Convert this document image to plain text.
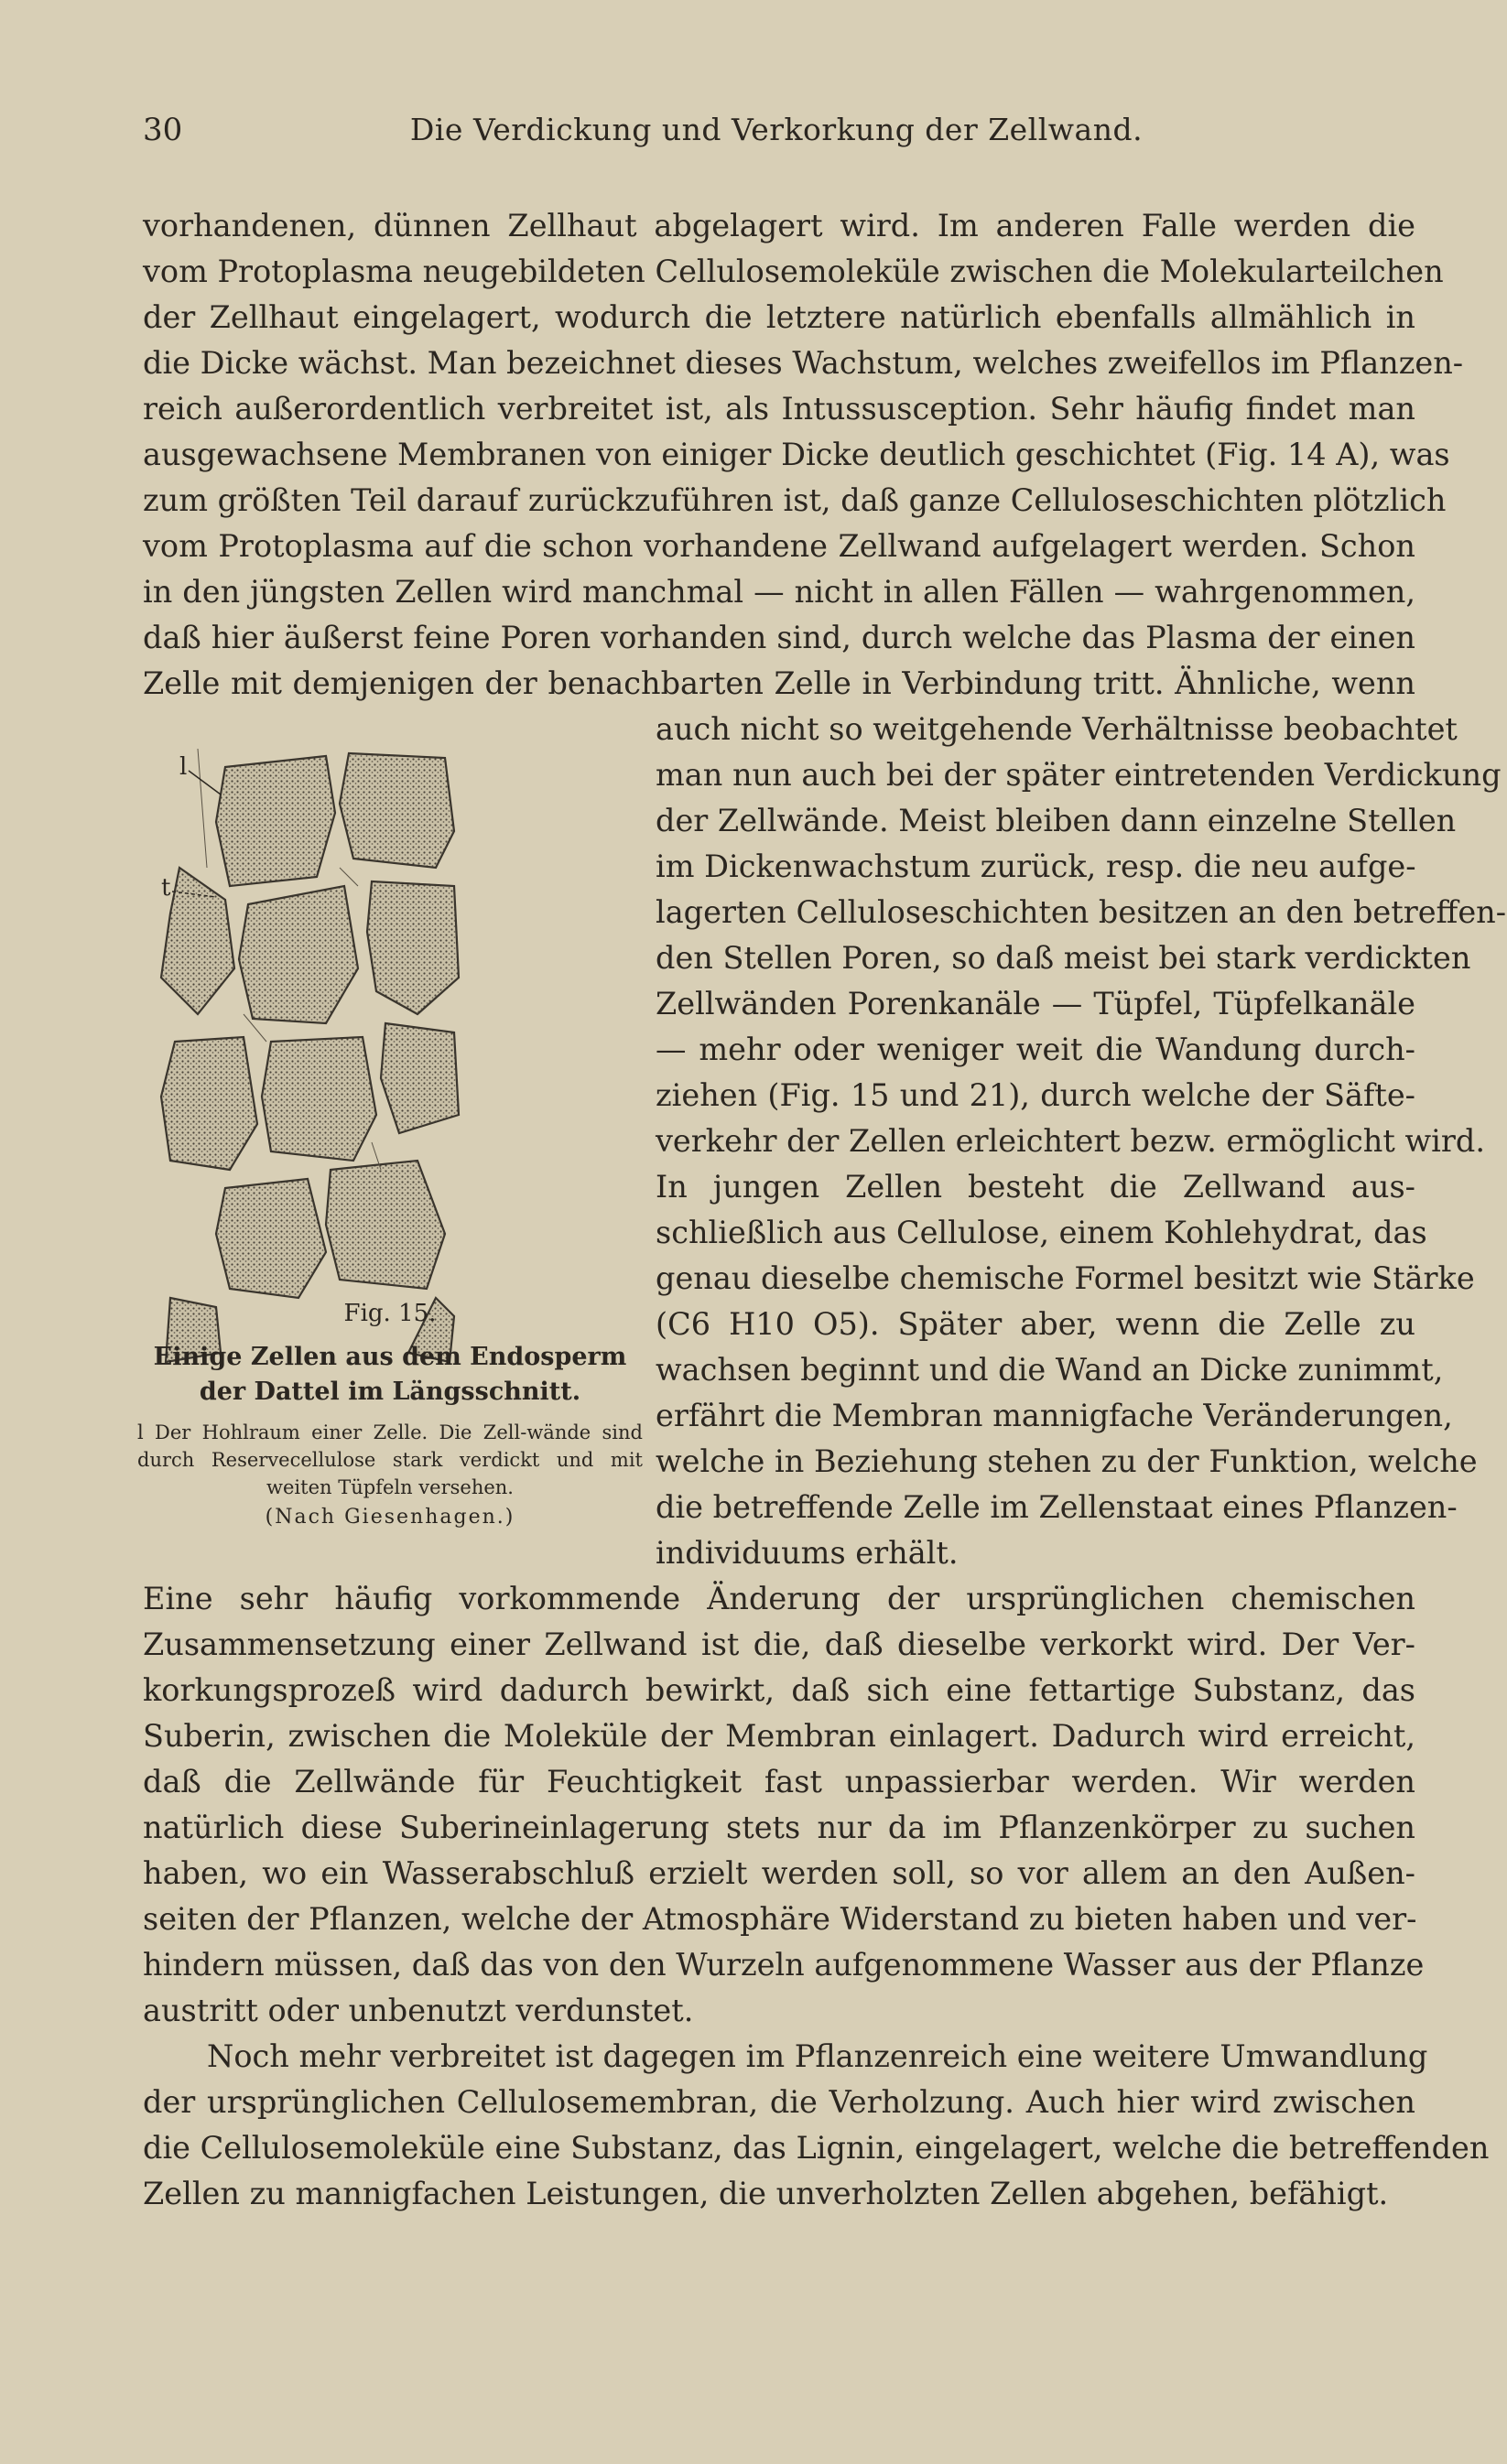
30	Die Verdickung und Verkorkung der Zellwand.
vorhandenen, dünnen Zellhaut abgelagert wird. Im anderen Falle werden die
vom Protoplasma neugebildeten Cellulosemoleküle zwischen die Molekularteilchen
der Zellhaut eingelagert, wodurch die letztere natürlich ebenfalls allmählich in
die Dicke wächst. Man bezeichnet dieses Wachstum, welches zweifellos im Pflanzen-
reich außerordentlich verbreitet ist, als Intussusception. Sehr häufig findet man
ausgewachsene Membranen von einiger Dicke deutlich geschichtet (Fig. 14 A), was
zum größten Teil darauf zurückzuführen ist, daß ganze Celluloseschichten plötzlich
vom Protoplasma auf die schon vorhandene Zellwand aufgelagert werden. Schon
in den jüngsten Zellen wird manchmal — nicht in allen Fällen — wahrgenommen,
daß hier äußerst feine Poren vorhanden sind, durch welche das Plasma der einen
Zelle mit demjenigen der benachbarten Zelle in Verbindung tritt. Ähnliche, wenn
l
t
Fig. 15.
Einige Zellen aus dem Endosperm der Dattel im Längsschnitt.
l Der Hohlraum einer Zelle. Die Zell-wände sind durch Reservecellulose stark verdickt und mit weiten Tüpfeln versehen.
(Nach Giesenhagen.)
auch nicht so weitgehende Verhältnisse beobachtet
man nun auch bei der später eintretenden Verdickung
der Zellwände. Meist bleiben dann einzelne Stellen
im Dickenwachstum zurück, resp. die neu aufge-
lagerten Celluloseschichten besitzen an den betreffen-
den Stellen Poren, so daß meist bei stark verdickten
Zellwänden Porenkanäle — Tüpfel, Tüpfelkanäle
— mehr oder weniger weit die Wandung durch-
ziehen (Fig. 15 und 21), durch welche der Säfte-
verkehr der Zellen erleichtert bezw. ermöglicht wird.
In jungen Zellen besteht die Zellwand aus-
schließlich aus Cellulose, einem Kohlehydrat, das
genau dieselbe chemische Formel besitzt wie Stärke
(C6 H10 O5). Später aber, wenn die Zelle zu
wachsen beginnt und die Wand an Dicke zunimmt,
erfährt die Membran mannigfache Veränderungen,
welche in Beziehung stehen zu der Funktion, welche
die betreffende Zelle im Zellenstaat eines Pflanzen-
individuums erhält.
Eine sehr häufig vorkommende Änderung der ursprünglichen chemischen
Zusammensetzung einer Zellwand ist die, daß dieselbe verkorkt wird. Der Ver-
korkungsprozeß wird dadurch bewirkt, daß sich eine fettartige Substanz, das
Suberin, zwischen die Moleküle der Membran einlagert. Dadurch wird erreicht,
daß die Zellwände für Feuchtigkeit fast unpassierbar werden. Wir werden
natürlich diese Suberineinlagerung stets nur da im Pflanzenkörper zu suchen
haben, wo ein Wasserabschluß erzielt werden soll, so vor allem an den Außen-
seiten der Pflanzen, welche der Atmosphäre Widerstand zu bieten haben und ver-
hindern müssen, daß das von den Wurzeln aufgenommene Wasser aus der Pflanze
austritt oder unbenutzt verdunstet.
Noch mehr verbreitet ist dagegen im Pflanzenreich eine weitere Umwandlung
der ursprünglichen Cellulosemembran, die Verholzung. Auch hier wird zwischen
die Cellulosemoleküle eine Substanz, das Lignin, eingelagert, welche die betreffenden
Zellen zu mannigfachen Leistungen, die unverholzten Zellen abgehen, befähigt.
